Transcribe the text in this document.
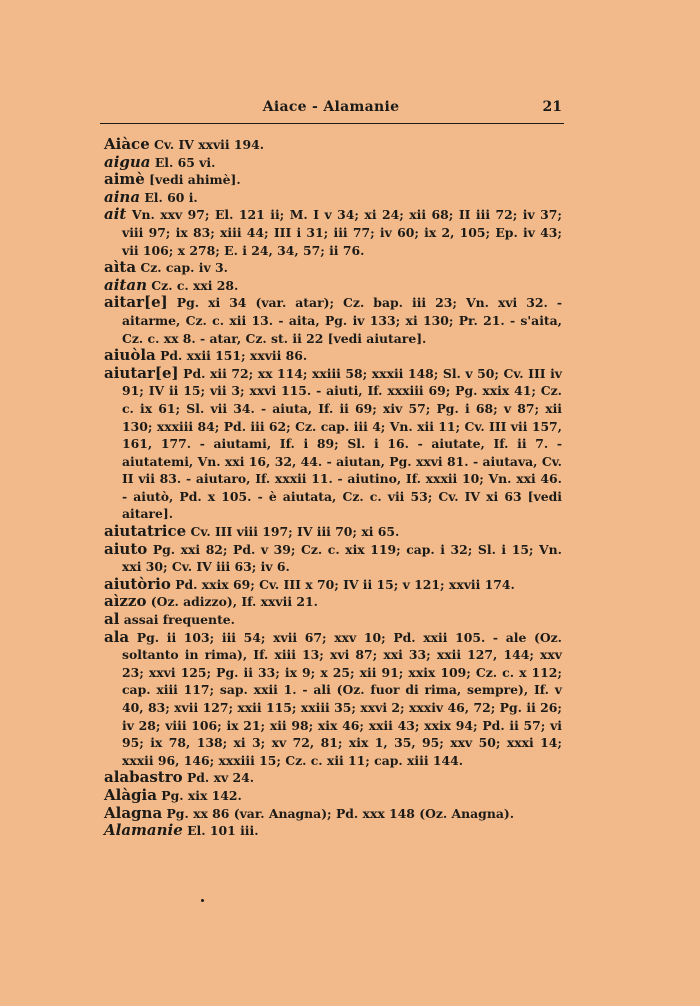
Aiace - Alamanie	21

Aiàce Cv. IV xxvii 194.

aigua El. 65 vi.

aimè [vedi ahimè].

aina El. 60 i.

ait Vn. xxv 97; El. 121 ii; M. I v 34; xi 24; xii 68; II iii 72; iv 37; viii 97; ix 83; xiii 44; III i 31; iii 77; iv 60; ix 2, 105; Ep. iv 43; vii 106; x 278; E. i 24, 34, 57; ii 76.

aìta Cz. cap. iv 3.

aitan Cz. c. xxi 28.

aitar[e] Pg. xi 34 (var. atar); Cz. bap. iii 23; Vn. xvi 32. - aitarme, Cz. c. xii 13. - aita, Pg. iv 133; xi 130; Pr. 21. - s'aita, Cz. c. xx 8. - atar, Cz. st. ii 22 [vedi aiutare].

aiuòla Pd. xxii 151; xxvii 86.

aiutar[e] Pd. xii 72; xx 114; xxiii 58; xxxii 148; Sl. v 50; Cv. III iv 91; IV ii 15; vii 3; xxvi 115. - aiuti, If. xxxiii 69; Pg. xxix 41; Cz. c. ix 61; Sl. vii 34. - aiuta, If. ii 69; xiv 57; Pg. i 68; v 87; xii 130; xxxiii 84; Pd. iii 62; Cz. cap. iii 4; Vn. xii 11; Cv. III vii 157, 161, 177. - aiutami, If. i 89; Sl. i 16. - aiutate, If. ii 7. - aiutatemi, Vn. xxi 16, 32, 44. - aiutan, Pg. xxvi 81. - aiutava, Cv. II vii 83. - aiutaro, If. xxxii 11. - aiutino, If. xxxii 10; Vn. xxi 46. - aiutò, Pd. x 105. - è aiutata, Cz. c. vii 53; Cv. IV xi 63 [vedi aitare].

aiutatrice Cv. III viii 197; IV iii 70; xi 65.

aiuto Pg. xxi 82; Pd. v 39; Cz. c. xix 119; cap. i 32; Sl. i 15; Vn. xxi 30; Cv. IV iii 63; iv 6.

aiutòrio Pd. xxix 69; Cv. III x 70; IV ii 15; v 121; xxvii 174.

aìzzo (Oz. adizzo), If. xxvii 21.

al assai frequente.

ala Pg. ii 103; iii 54; xvii 67; xxv 10; Pd. xxii 105. - ale (Oz. soltanto in rima), If. xiii 13; xvi 87; xxi 33; xxii 127, 144; xxv 23; xxvi 125; Pg. ii 33; ix 9; x 25; xii 91; xxix 109; Cz. c. x 112; cap. xiii 117; sap. xxii 1. - ali (Oz. fuor di rima, sempre), If. v 40, 83; xvii 127; xxii 115; xxiii 35; xxvi 2; xxxiv 46, 72; Pg. ii 26; iv 28; viii 106; ix 21; xii 98; xix 46; xxii 43; xxix 94; Pd. ii 57; vi 95; ix 78, 138; xi 3; xv 72, 81; xix 1, 35, 95; xxv 50; xxxi 14; xxxii 96, 146; xxxiii 15; Cz. c. xii 11; cap. xiii 144.

alabastro Pd. xv 24.

Alàgia Pg. xix 142.

Alagna Pg. xx 86 (var. Anagna); Pd. xxx 148 (Oz. Anagna).

Alamanie El. 101 iii.
